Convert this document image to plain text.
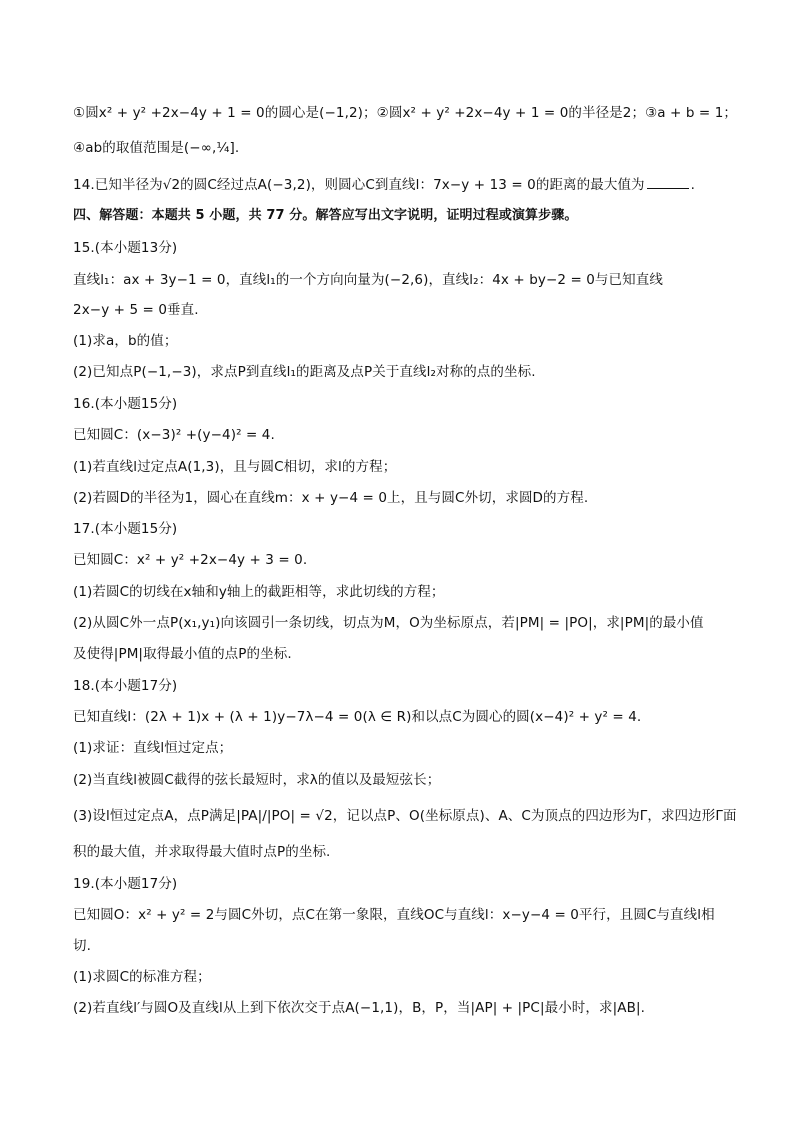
①圆x² + y² +2x−4y + 1 = 0的圆心是(−1,2)；②圆x² + y² +2x−4y + 1 = 0的半径是2；③a + b = 1；
④ab的取值范围是(−∞,¼].
14.已知半径为√2的圆C经过点A(−3,2)，则圆心C到直线l：7x−y + 13 = 0的距离的最大值为	.
四、解答题：本题共 5 小题，共 77 分。解答应写出文字说明，证明过程或演算步骤。
15.(本小题13分)
直线l₁：ax + 3y−1 = 0，直线l₁的一个方向向量为(−2,6)，直线l₂：4x + by−2 = 0与已知直线
2x−y + 5 = 0垂直.
(1)求a，b的值；
(2)已知点P(−1,−3)，求点P到直线l₁的距离及点P关于直线l₂对称的点的坐标.
16.(本小题15分)
已知圆C：(x−3)² +(y−4)² = 4.
(1)若直线l过定点A(1,3)，且与圆C相切，求l的方程；
(2)若圆D的半径为1，圆心在直线m：x + y−4 = 0上，且与圆C外切，求圆D的方程.
17.(本小题15分)
已知圆C：x² + y² +2x−4y + 3 = 0.
(1)若圆C的切线在x轴和y轴上的截距相等，求此切线的方程；
(2)从圆C外一点P(x₁,y₁)向该圆引一条切线，切点为M，O为坐标原点，若|PM| = |PO|，求|PM|的最小值
及使得|PM|取得最小值的点P的坐标.
18.(本小题17分)
已知直线l：(2λ + 1)x + (λ + 1)y−7λ−4 = 0(λ ∈ R)和以点C为圆心的圆(x−4)² + y² = 4.
(1)求证：直线l恒过定点；
(2)当直线l被圆C截得的弦长最短时，求λ的值以及最短弦长；
(3)设l恒过定点A，点P满足|PA|/|PO| = √2，记以点P、O(坐标原点)、A、C为顶点的四边形为Γ，求四边形Γ面
积的最大值，并求取得最大值时点P的坐标.
19.(本小题17分)
已知圆O：x² + y² = 2与圆C外切，点C在第一象限，直线OC与直线l：x−y−4 = 0平行，且圆C与直线l相
切.
(1)求圆C的标准方程；
(2)若直线l′与圆O及直线l从上到下依次交于点A(−1,1)，B，P，当|AP| + |PC|最小时，求|AB|.
